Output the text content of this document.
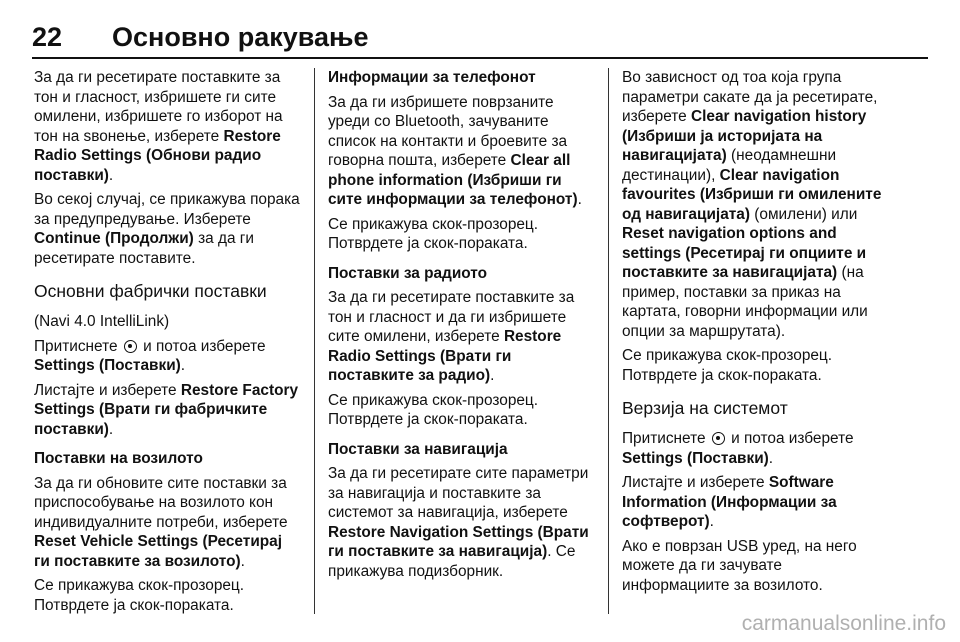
22 Основно ракување

За да ги ресетирате поставките за тон и гласност, избришете ги сите омилени, избришете го изборот на тон на ѕвонење, изберете Restore Radio Settings (Обнови радио поставки).

Во секој случај, се прикажува порака за предупредување. Изберете Continue (Продолжи) за да ги ресетирате поставите.

Основни фабрички поставки

(Navi 4.0 IntelliLink)

Притиснете  и потоа изберете Settings (Поставки).

Листајте и изберете Restore Factory Settings (Врати ги фабричките поставки).

Поставки на возилото

За да ги обновите сите поставки за приспособување на возилото кон индивидуалните потреби, изберете Reset Vehicle Settings (Ресетирај ги поставките за возилото).

Се прикажува скок-прозорец. Потврдете ја скок-пораката.

Информации за телефонот

За да ги избришете поврзаните уреди со Bluetooth, зачуваните список на контакти и броевите за говорна пошта, изберете Clear all phone information (Избриши ги сите информации за телефонот).

Се прикажува скок-прозорец. Потврдете ја скок-пораката.

Поставки за радиото

За да ги ресетирате поставките за тон и гласност и да ги избришете сите омилени, изберете Restore Radio Settings (Врати ги поставките за радио).

Се прикажува скок-прозорец. Потврдете ја скок-пораката.

Поставки за навигација

За да ги ресетирате сите параметри за навигација и поставките за системот за навигација, изберете Restore Navigation Settings (Врати ги поставките за навигација). Се прикажува подизборник.

Во зависност од тоа која група параметри сакате да ја ресетирате, изберете Clear navigation history (Избриши ја историјата на навигацијата) (неодамнешни дестинации), Clear navigation favourites (Избриши ги омилените од навигацијата) (омилени) или Reset navigation options and settings (Ресетирај ги опциите и поставките за навигацијата) (на пример, поставки за приказ на картата, говорни информации или опции за маршрутата).

Се прикажува скок-прозорец. Потврдете ја скок-пораката.

Верзија на системот

Притиснете  и потоа изберете Settings (Поставки).

Листајте и изберете Software Information (Информации за софтверот).

Ако е поврзан USB уред, на него можете да ги зачувате информациите за возилото.

carmanualsonline.info
